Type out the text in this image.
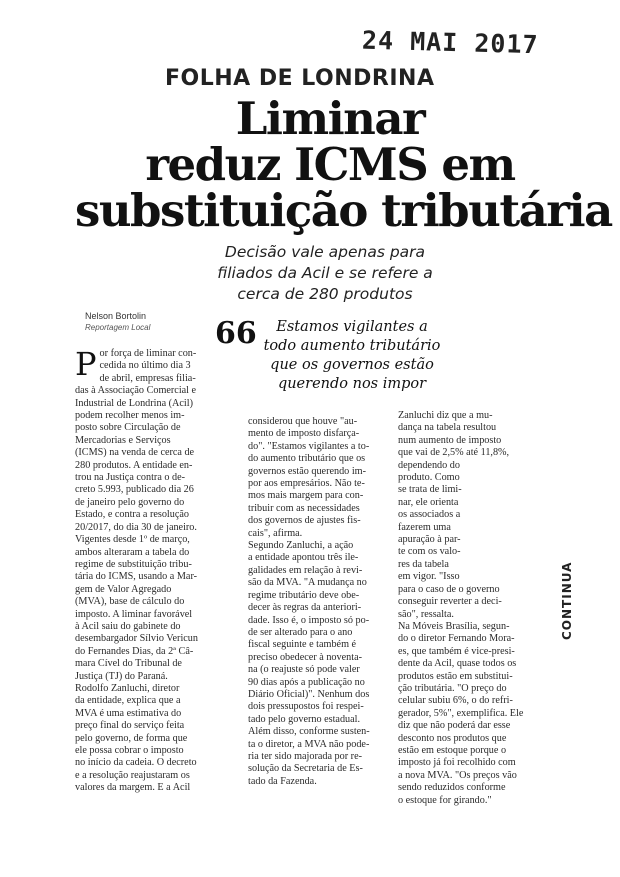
24 MAI 2017
FOLHA DE LONDRINA
Liminar
reduz ICMS em
substituição tributária
Decisão vale apenas para
filiados da Acil e se refere a
cerca de 280 produtos
Nelson Bortolin
Reportagem Local	66	Estamos vigilantes a
todo aumento tributário
que os governos estão
querendo nos impor
P or força de liminar con-
cedida no último dia 3
de abril, empresas filia-
das à Associação Comercial e
Industrial de Londrina (Acil)
podem recolher menos im-
posto sobre Circulação de
Mercadorias e Serviços
(ICMS) na venda de cerca de
280 produtos. A entidade en-
trou na Justiça contra o de-
creto 5.993, publicado dia 26
de janeiro pelo governo do
Estado, e contra a resolução
20/2017, do dia 30 de janeiro.
Vigentes desde 1º de março,
ambos alteraram a tabela do
regime de substituição tribu-
tária do ICMS, usando a Mar-
gem de Valor Agregado
(MVA), base de cálculo do
imposto. A liminar favorável
à Acil saiu do gabinete do
desembargador Sílvio Vericun
do Fernandes Dias, da 2ª Câ-
mara Cível do Tribunal de
Justiça (TJ) do Paraná.
Rodolfo Zanluchi, diretor
da entidade, explica que a
MVA é uma estimativa do
preço final do serviço feita
pelo governo, de forma que
ele possa cobrar o imposto
no início da cadeia. O decreto
e a resolução reajustaram os
valores da margem. E a Acil
considerou que houve "au-
mento de imposto disfarça-
do". "Estamos vigilantes a to-
do aumento tributário que os
governos estão querendo im-
por aos empresários. Não te-
mos mais margem para con-
tribuir com as necessidades
dos governos de ajustes fis-
cais", afirma.
Segundo Zanluchi, a ação
a entidade apontou três ile-
galidades em relação à revi-
são da MVA. "A mudança no
regime tributário deve obe-
decer às regras da anteriori-
dade. Isso é, o imposto só po-
de ser alterado para o ano
fiscal seguinte e também é
preciso obedecer à noventa-
na (o reajuste só pode valer
90 dias após a publicação no
Diário Oficial)". Nenhum dos
dois pressupostos foi respei-
tado pelo governo estadual.
Além disso, conforme susten-
ta o diretor, a MVA não pode-
ria ter sido majorada por re-
solução da Secretaria de Es-
tado da Fazenda.
Zanluchi diz que a mu-
dança na tabela resultou
num aumento de imposto
que vai de 2,5% até 11,8%,
dependendo do
produto. Como
se trata de limi-
nar, ele orienta
os associados a
fazerem uma
apuração à par-
te com os valo-
res da tabela
em vigor. "Isso
para o caso de o governo
conseguir reverter a deci-
são", ressalta.
Na Móveis Brasília, segun-
do o diretor Fernando Mora-
es, que também é vice-presi-
dente da Acil, quase todos os
produtos estão em substitui-
ção tributária. "O preço do
celular subiu 6%, o do refri-
gerador, 5%", exemplifica. Ele
diz que não poderá dar esse
desconto nos produtos que
estão em estoque porque o
imposto já foi recolhido com
a nova MVA. "Os preços vão
sendo reduzidos conforme
o estoque for girando."
CONTINUA
